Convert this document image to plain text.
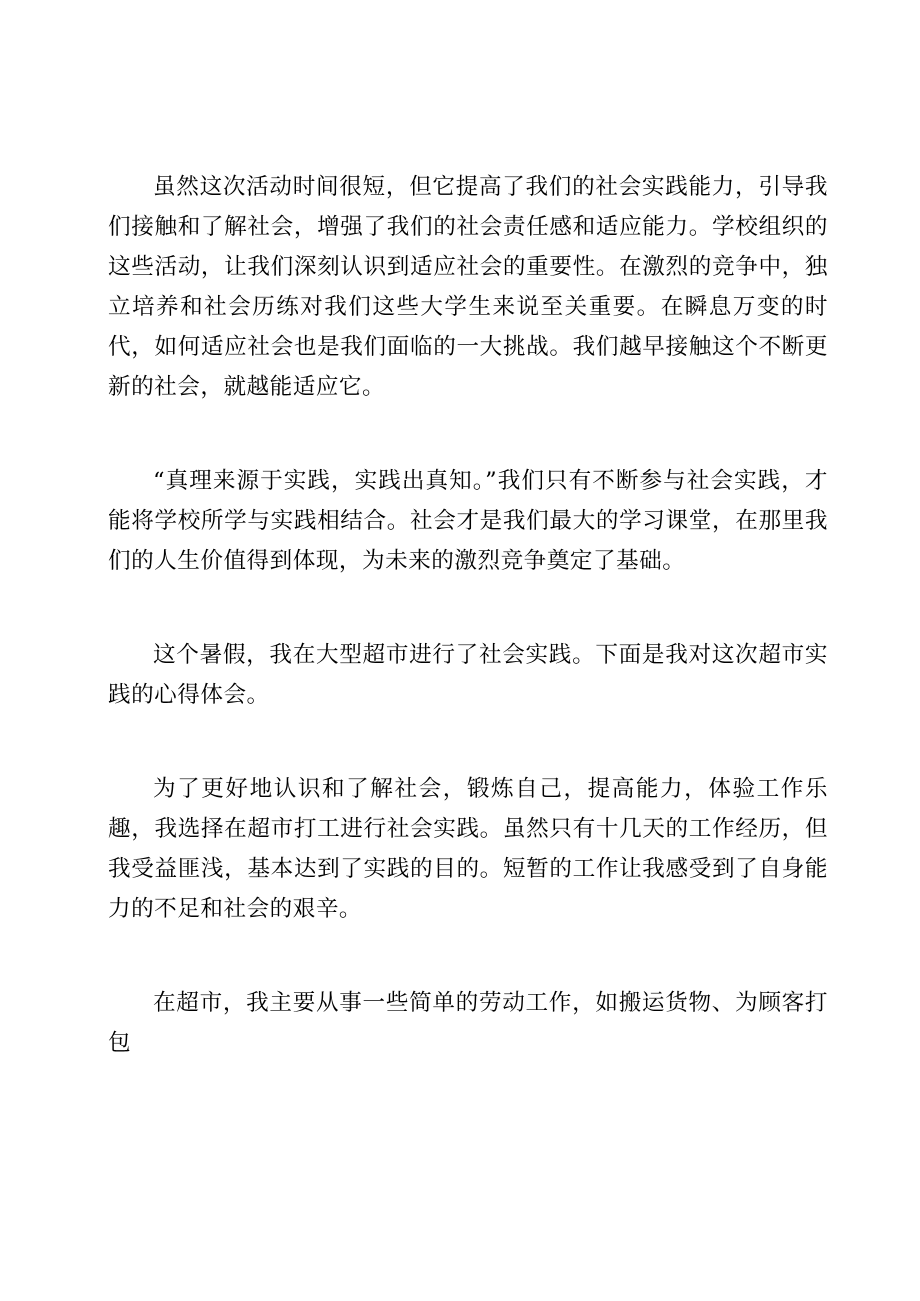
虽然这次活动时间很短，但它提高了我们的社会实践能力，引导我们接触和了解社会，增强了我们的社会责任感和适应能力。学校组织的这些活动，让我们深刻认识到适应社会的重要性。在激烈的竞争中，独立培养和社会历练对我们这些大学生来说至关重要。在瞬息万变的时代，如何适应社会也是我们面临的一大挑战。我们越早接触这个不断更新的社会，就越能适应它。

“真理来源于实践，实践出真知。”我们只有不断参与社会实践，才能将学校所学与实践相结合。社会才是我们最大的学习课堂，在那里我们的人生价值得到体现，为未来的激烈竞争奠定了基础。

这个暑假，我在大型超市进行了社会实践。下面是我对这次超市实践的心得体会。

为了更好地认识和了解社会，锻炼自己，提高能力，体验工作乐趣，我选择在超市打工进行社会实践。虽然只有十几天的工作经历，但我受益匪浅，基本达到了实践的目的。短暂的工作让我感受到了自身能力的不足和社会的艰辛。

在超市，我主要从事一些简单的劳动工作，如搬运货物、为顾客打包
